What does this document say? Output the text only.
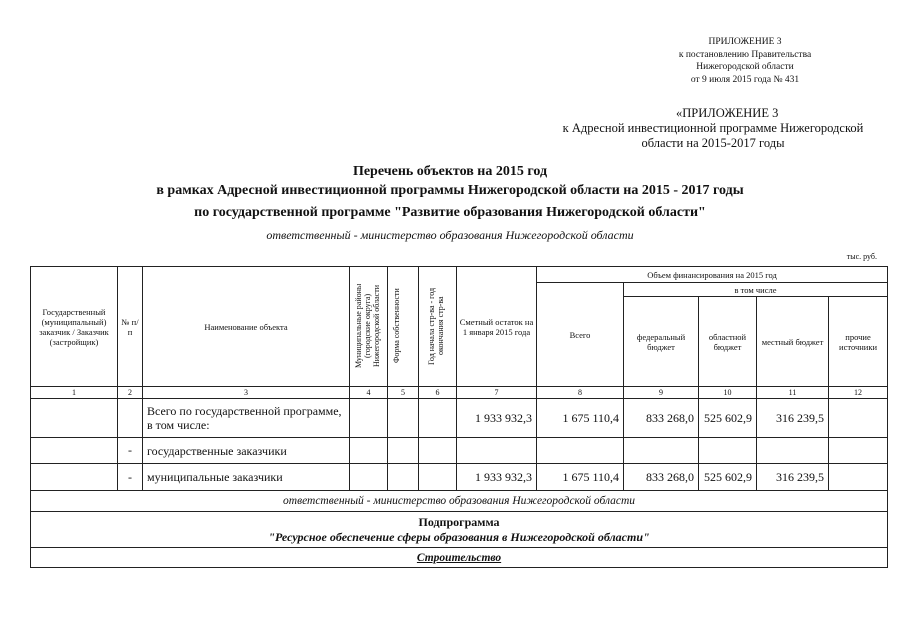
ПРИЛОЖЕНИЕ 3
к постановлению Правительства
Нижегородской области
от 9 июля 2015 года № 431
«ПРИЛОЖЕНИЕ 3
к Адресной инвестиционной программе Нижегородской
области на 2015-2017 годы
Перечень объектов на 2015 год
в рамках Адресной инвестиционной программы Нижегородской области на 2015 - 2017 годы
по государственной программе "Развитие образования Нижегородской области"
ответственный - министерство образования Нижегородской области
тыс. руб.
Государственный (муниципальный) заказчик / Заказчик (застройщик)	№ п/п	Наименование объекта	Муниципальные районы (городские округа) Нижегородской области	Форма собственности	Год начала стр-ва - год окончания стр-ва	Сметный остаток на 1 января 2015 года	Объем финансирования на 2015 год				
							Всего	в том числе			
								федеральный бюджет	областной бюджет	местный бюджет	прочие источники
1	2	3	4	5	6	7	8	9	10	11	12
		Всего по государственной программе, в том числе:				1 933 932,3	1 675 110,4	833 268,0	525 602,9	316 239,5	
	-	государственные заказчики									
	-	муниципальные заказчики				1 933 932,3	1 675 110,4	833 268,0	525 602,9	316 239,5	
ответственный - министерство образования Нижегородской области											

Подпрограмма
"Ресурсное обеспечение сферы образования в Нижегородской области"											

Строительство											
